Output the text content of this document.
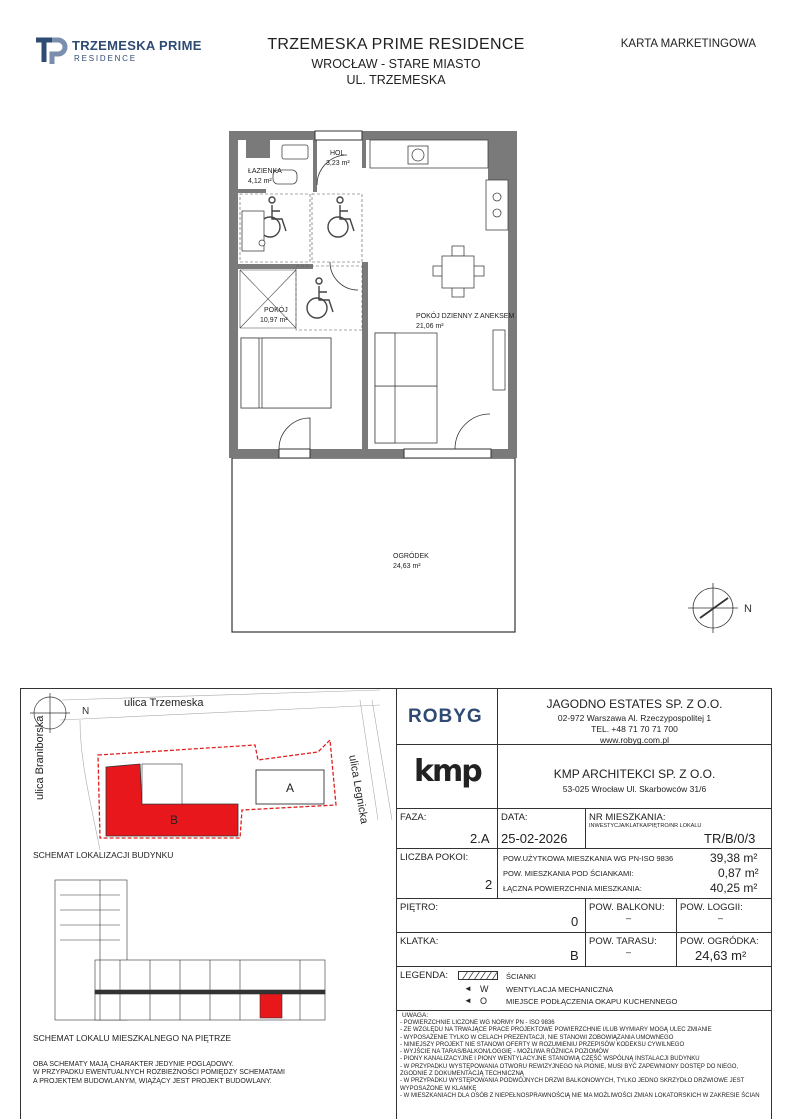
TRZEMESKA PRIME
RESIDENCE
TRZEMESKA PRIME RESIDENCE
WROCŁAW - STARE MIASTO
UL. TRZEMESKA
KARTA MARKETINGOWA
N
HOL
3,23 m²
ŁAZIENKA
4,12 m²
POKÓJ
10,97 m²
POKÓJ DZIENNY Z ANEKSEM
21,06 m²
OGRÓDEK
24,63 m²
N
ulica Trzemeska
ulica Braniborska	ulica Legnicka
A
B
SCHEMAT LOKALIZACJI BUDYNKU
SCHEMAT LOKALU MIESZKALNEGO NA PIĘTRZE
OBA SCHEMATY MAJĄ CHARAKTER JEDYNIE POGLĄDOWY.
W PRZYPADKU EWENTUALNYCH ROZBIEŻNOŚCI POMIĘDZY SCHEMATAMI
A PROJEKTEM BUDOWLANYM, WIĄŻĄCY JEST PROJEKT BUDOWLANY.
ROBYG
JAGODNO ESTATES SP. Z O.O.
02-972 Warszawa Al. Rzeczypospolitej 1
TEL. +48 71 70 71 700
www.robyg.com.pl
kmp	KMP ARCHITEKCI SP. Z O.O.
53-025 Wrocław Ul. Skarbowców 31/6
FAZA:
2.A
DATA:
25-02-2026
NR MIESZKANIA:
INWESTYCJA/KLATKA/PIĘTRO/NR LOKALU
TR/B/0/3
LICZBA POKOI:
2
POW.UŻYTKOWA MIESZKANIA WG PN-ISO 9836	39,38 m²
POW. MIESZKANIA POD ŚCIANKAMI:	0,87 m²
ŁĄCZNA POWIERZCHNIA MIESZKANIA:	40,25 m²
PIĘTRO:
0
POW. BALKONU:
–
POW. LOGGII:
–
KLATKA:
B
POW. TARASU:
–
POW. OGRÓDKA:
24,63 m²
LEGENDA:	ŚCIANKI
◄ W WENTYLACJA MECHANICZNA
◄ O	MIEJSCE PODŁĄCZENIA OKAPU KUCHENNEGO
UWAGA:
- POWIERZCHNIE LICZONE WG NORMY PN - ISO 9836
- ZE WZGLĘDU NA TRWAJĄCE PRACE PROJEKTOWE POWIERZCHNIE I/LUB WYMIARY MOGĄ ULEC ZMIANIE
- WYPOSAŻENIE TYLKO W CELACH PREZENTACJI, NIE STANOWI ZOBOWIĄZANIA UMOWNEGO
- NINIEJSZY PROJEKT NIE STANOWI OFERTY W ROZUMIENIU PRZEPISÓW KODEKSU CYWILNEGO
- WYJŚCIE NA TARAS/BALKON/LOGGIĘ - MOŻLIWA RÓŻNICA POZIOMÓW
- PIONY KANALIZACYJNE I PIONY WENTYLACYJNE STANOWIĄ CZĘŚĆ WSPÓLNĄ INSTALACJI BUDYNKU
- W PRZYPADKU WYSTĘPOWANIA OTWORU REWIZYJNEGO NA PIONIE, MUSI BYĆ ZAPEWNIONY DOSTĘP DO NIEGO,
ZGODNIE Z DOKUMENTACJĄ TECHNICZNĄ
- W PRZYPADKU WYSTĘPOWANIA PODWÓJNYCH DRZWI BALKONOWYCH, TYLKO JEDNO SKRZYDŁO DRZWIOWE JEST
WYPOSAŻONE W KLAMKĘ
- W MIESZKANIACH DLA OSÓB Z NIEPEŁNOSPRAWNOŚCIĄ NIE MA MOŻLIWOŚCI ZMIAN LOKATORSKICH W ZAKRESIE ŚCIAN
